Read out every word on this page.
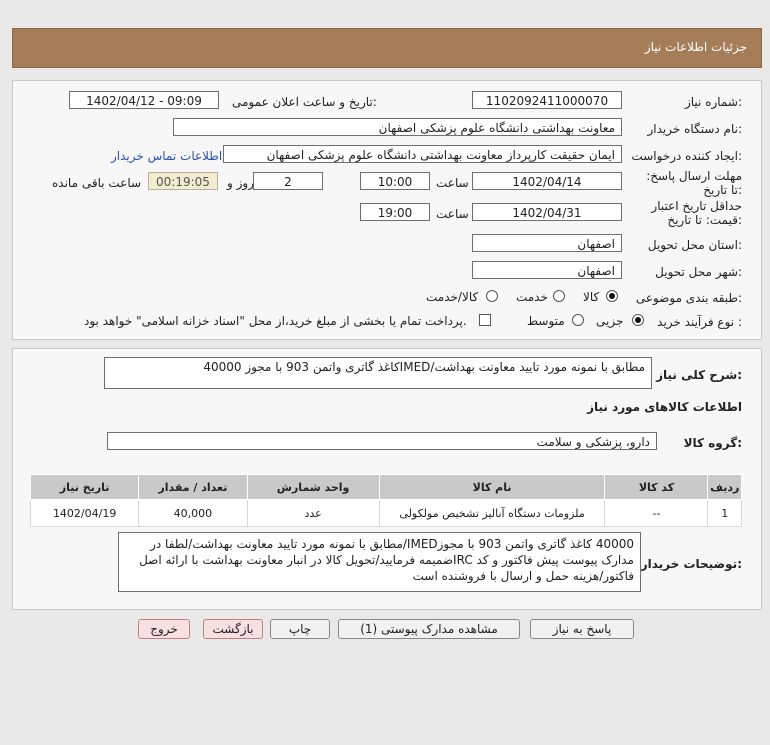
جزئیات اطلاعات نیاز
شماره نیاز:
1102092411000070
تاریخ و ساعت اعلان عمومی:
1402/04/12 - 09:09
نام دستگاه خریدار:
معاونت بهداشتی دانشگاه علوم پزشکی اصفهان
ایجاد کننده درخواست:
ایمان حقیقت کارپرداز معاونت بهداشتی دانشگاه علوم پزشکی اصفهان
اطلاعات تماس خریدار
مهلت ارسال پاسخ: تا تاریخ:
1402/04/14
ساعت
10:00
2
روز و
00:19:05
ساعت باقی مانده
حداقل تاریخ اعتبار قیمت: تا تاریخ:
1402/04/31
ساعت
19:00
استان محل تحویل:
اصفهان
شهر محل تحویل:
اصفهان
طبقه بندی موضوعی:
کالا
خدمت
کالا/خدمت
نوع فرآیند خرید :
جزیی
متوسط
پرداخت تمام یا بخشی از مبلغ خرید،از محل "اسناد خزانه اسلامی" خواهد بود.
شرح کلی نیاز:
40000 کاغذ گاتری واتمن 903 با مجوزIMED/مطابق با نمونه مورد تایید معاونت بهداشت
اطلاعات کالاهای مورد نیاز
گروه کالا:
دارو، پزشکی و سلامت
ردیف	کد کالا	نام کالا	واحد شمارش	تعداد / مقدار	تاریخ نیاز
1	--	ملزومات دستگاه آنالیز تشخیص مولکولی	عدد	40,000	1402/04/19
توضیحات خریدار:
40000 کاغذ گاتری واتمن 903 با مجوزIMED/مطابق با نمونه مورد تایید معاونت بهداشت/لطفا در مدارک پیوست پیش فاکتور و کد IRCضمیمه فرمایید/تحویل کالا در انبار معاونت بهداشت با ارائه اصل فاکتور/هزینه حمل و ارسال با فروشنده است
پاسخ به نیاز
مشاهده مدارک پیوستی (1)
چاپ
بازگشت
خروج
